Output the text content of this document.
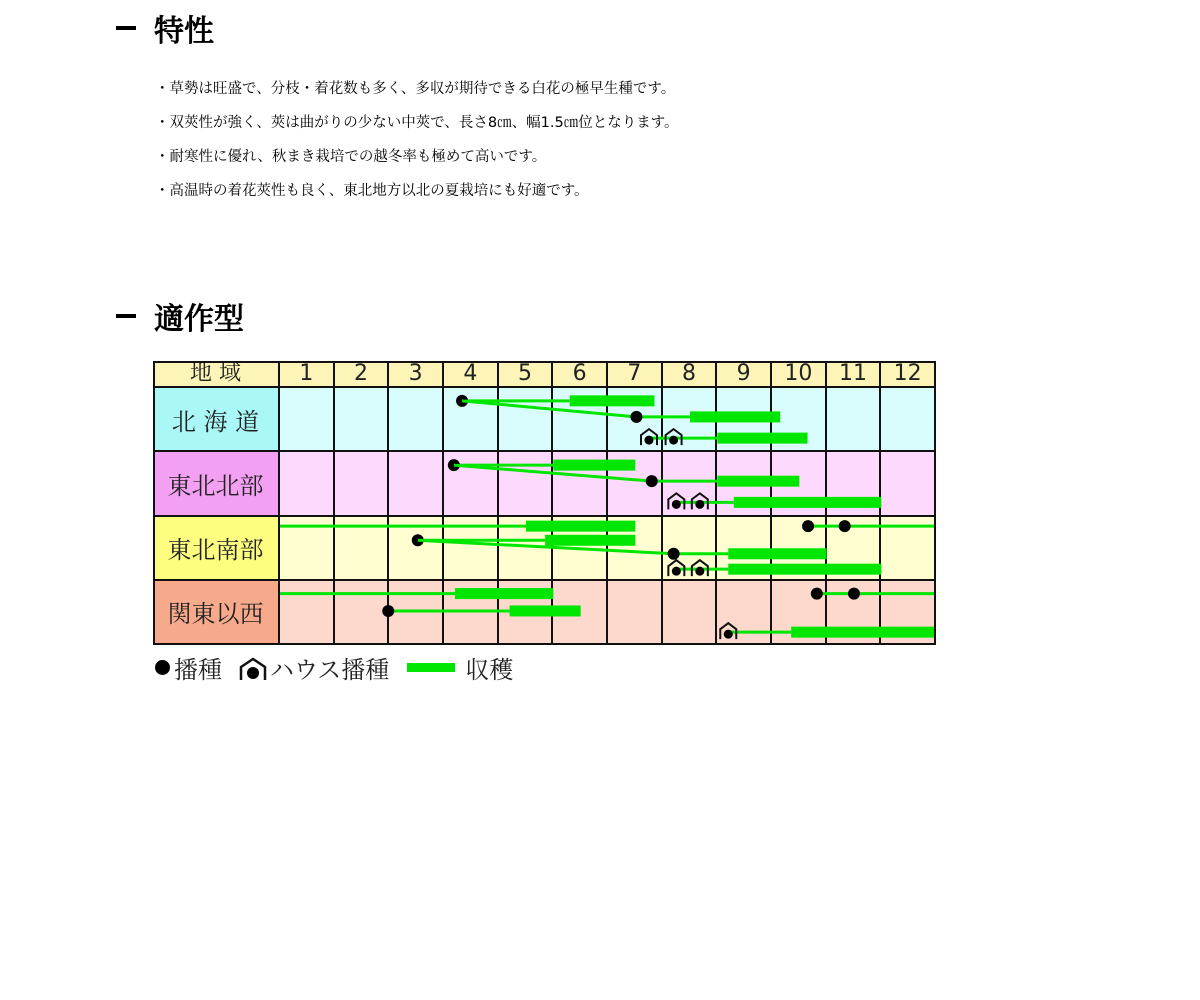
特性
・草勢は旺盛で、分枝・着花数も多く、多収が期待できる白花の極早生種です。
・双莢性が強く、莢は曲がりの少ない中莢で、長さ8㎝、幅1.5㎝位となります。
・耐寒性に優れ、秋まき栽培での越冬率も極めて高いです。
・高温時の着花莢性も良く、東北地方以北の夏栽培にも好適です。
適作型
地 域	1	2	3	4	5	6	7	8	9	10	11	12
北 海 道
東北北部
東北南部
関東以西
播種 ハウス播種	収穫
